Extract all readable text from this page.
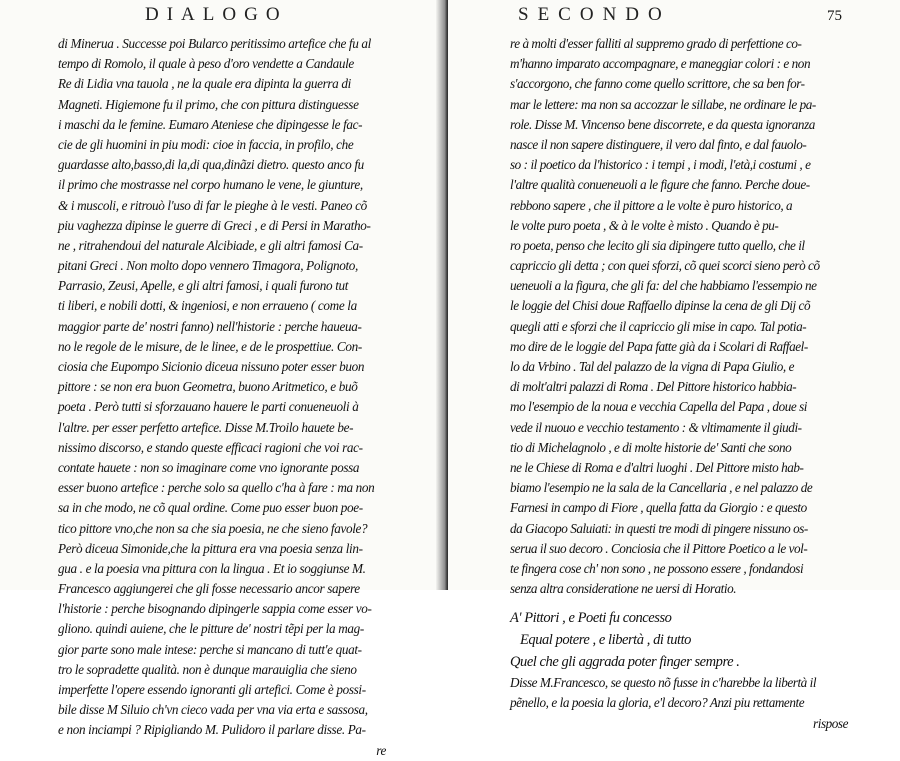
DIALOGO
di Minerua . Successe poi Bularco peritissimo artefice che fu al
tempo di Romolo, il quale à peso d'oro vendette a Candaule
Re di Lidia vna tauola , ne la quale era dipinta la guerra di
Magneti. Higiemone fu il primo, che con pittura distinguesse
i maschi da le femine. Eumaro Ateniese che dipingesse le fac-
cie de gli huomini in piu modi: cioe in faccia, in profilo, che
guardasse alto,basso,di la,di qua,dinãzi dietro. questo anco fu
il primo che mostrasse nel corpo humano le vene, le giunture,
& i muscoli, e ritrouò l'uso di far le pieghe à le vesti. Paneo cõ
piu vaghezza dipinse le guerre di Greci , e di Persi in Maratho-
ne , ritrahendoui del naturale Alcibiade, e gli altri famosi Ca-
pitani Greci . Non molto dopo vennero Timagora, Polignoto,
Parrasio, Zeusi, Apelle, e gli altri famosi, i quali furono tut
ti liberi, e nobili dotti, & ingeniosi, e non erraueno ( come la
maggior parte de' nostri fanno) nell'historie : perche haueua-
no le regole de le misure, de le linee, e de le prospettiue. Con-
ciosia che Eupompo Sicionio diceua nissuno poter esser buon
pittore : se non era buon Geometra, buono Aritmetico, e buõ
poeta . Però tutti si sforzauano hauere le parti conueneuoli à
l'altre. per esser perfetto artefice. Disse M.Troilo hauete be-
nissimo discorso, e stando queste efficaci ragioni che voi rac-
contate hauete : non so imaginare come vno ignorante possa
esser buono artefice : perche solo sa quello c'ha à fare : ma non
sa in che modo, ne cõ qual ordine. Come puo esser buon poe-
tico pittore vno,che non sa che sia poesia, ne che sieno favole?
Però diceua Simonide,che la pittura era vna poesia senza lin-
gua . e la poesia vna pittura con la lingua . Et io soggiunse M.
Francesco aggiungerei che gli fosse necessario ancor sapere
l'historie : perche bisognando dipingerle sappia come esser vo-
gliono. quindi auiene, che le pitture de' nostri tẽpi per la mag-
gior parte sono male intese: perche si mancano di tutt'e quat-
tro le sopradette qualità. non è dunque marauiglia che sieno
imperfette l'opere essendo ignoranti gli artefici. Come è possi-
bile disse M Siluio ch'vn cieco vada per vna via erta e sassosa,
e non inciampi ? Ripigliando M. Pulidoro il parlare disse. Pa-
re
SECONDO	75
re à molti d'esser falliti al suppremo grado di perfettione co-
m'hanno imparato accompagnare, e maneggiar colori : e non
s'accorgono, che fanno come quello scrittore, che sa ben for-
mar le lettere: ma non sa accozzar le sillabe, ne ordinare le pa-
role. Disse M. Vincenso bene discorrete, e da questa ignoranza
nasce il non sapere distinguere, il vero dal finto, e dal fauolo-
so : il poetico da l'historico : i tempi , i modi, l'età,i costumi , e
l'altre qualità conueneuoli a le figure che fanno. Perche doue-
rebbono sapere , che il pittore a le volte è puro historico, a
le volte puro poeta , & à le volte è misto . Quando è pu-
ro poeta, penso che lecito gli sia dipingere tutto quello, che il
capriccio gli detta ; con quei sforzi, cõ quei scorci sieno però cõ
ueneuoli a la figura, che gli fa: del che habbiamo l'essempio ne
le loggie del Chisi doue Raffaello dipinse la cena de gli Dij cõ
quegli atti e sforzi che il capriccio gli mise in capo. Tal potia-
mo dire de le loggie del Papa fatte già da i Scolari di Raffael-
lo da Vrbino . Tal del palazzo de la vigna di Papa Giulio, e
di molt'altri palazzi di Roma . Del Pittore historico habbia-
mo l'esempio de la noua e vecchia Capella del Papa , doue si
vede il nuouo e vecchio testamento : & vltimamente il giudi-
tio di Michelagnolo , e di molte historie de' Santi che sono
ne le Chiese di Roma e d'altri luoghi . Del Pittore misto hab-
biamo l'esempio ne la sala de la Cancellaria , e nel palazzo de
Farnesi in campo di Fiore , quella fatta da Giorgio : e questo
da Giacopo Saluiati: in questi tre modi di pingere nissuno os-
serua il suo decoro . Conciosia che il Pittore Poetico a le vol-
te fingera cose ch' non sono , ne possono essere , fondandosi
senza altra consideratione ne uersi di Horatio.
A' Pittori , e Poeti fu concesso
Equal potere , e libertà , di tutto
Quel che gli aggrada poter finger sempre .
Disse M.Francesco, se questo nõ fusse in c'harebbe la libertà il
pẽnello, e la poesia la gloria, e'l decoro? Anzi piu rettamente
rispose
